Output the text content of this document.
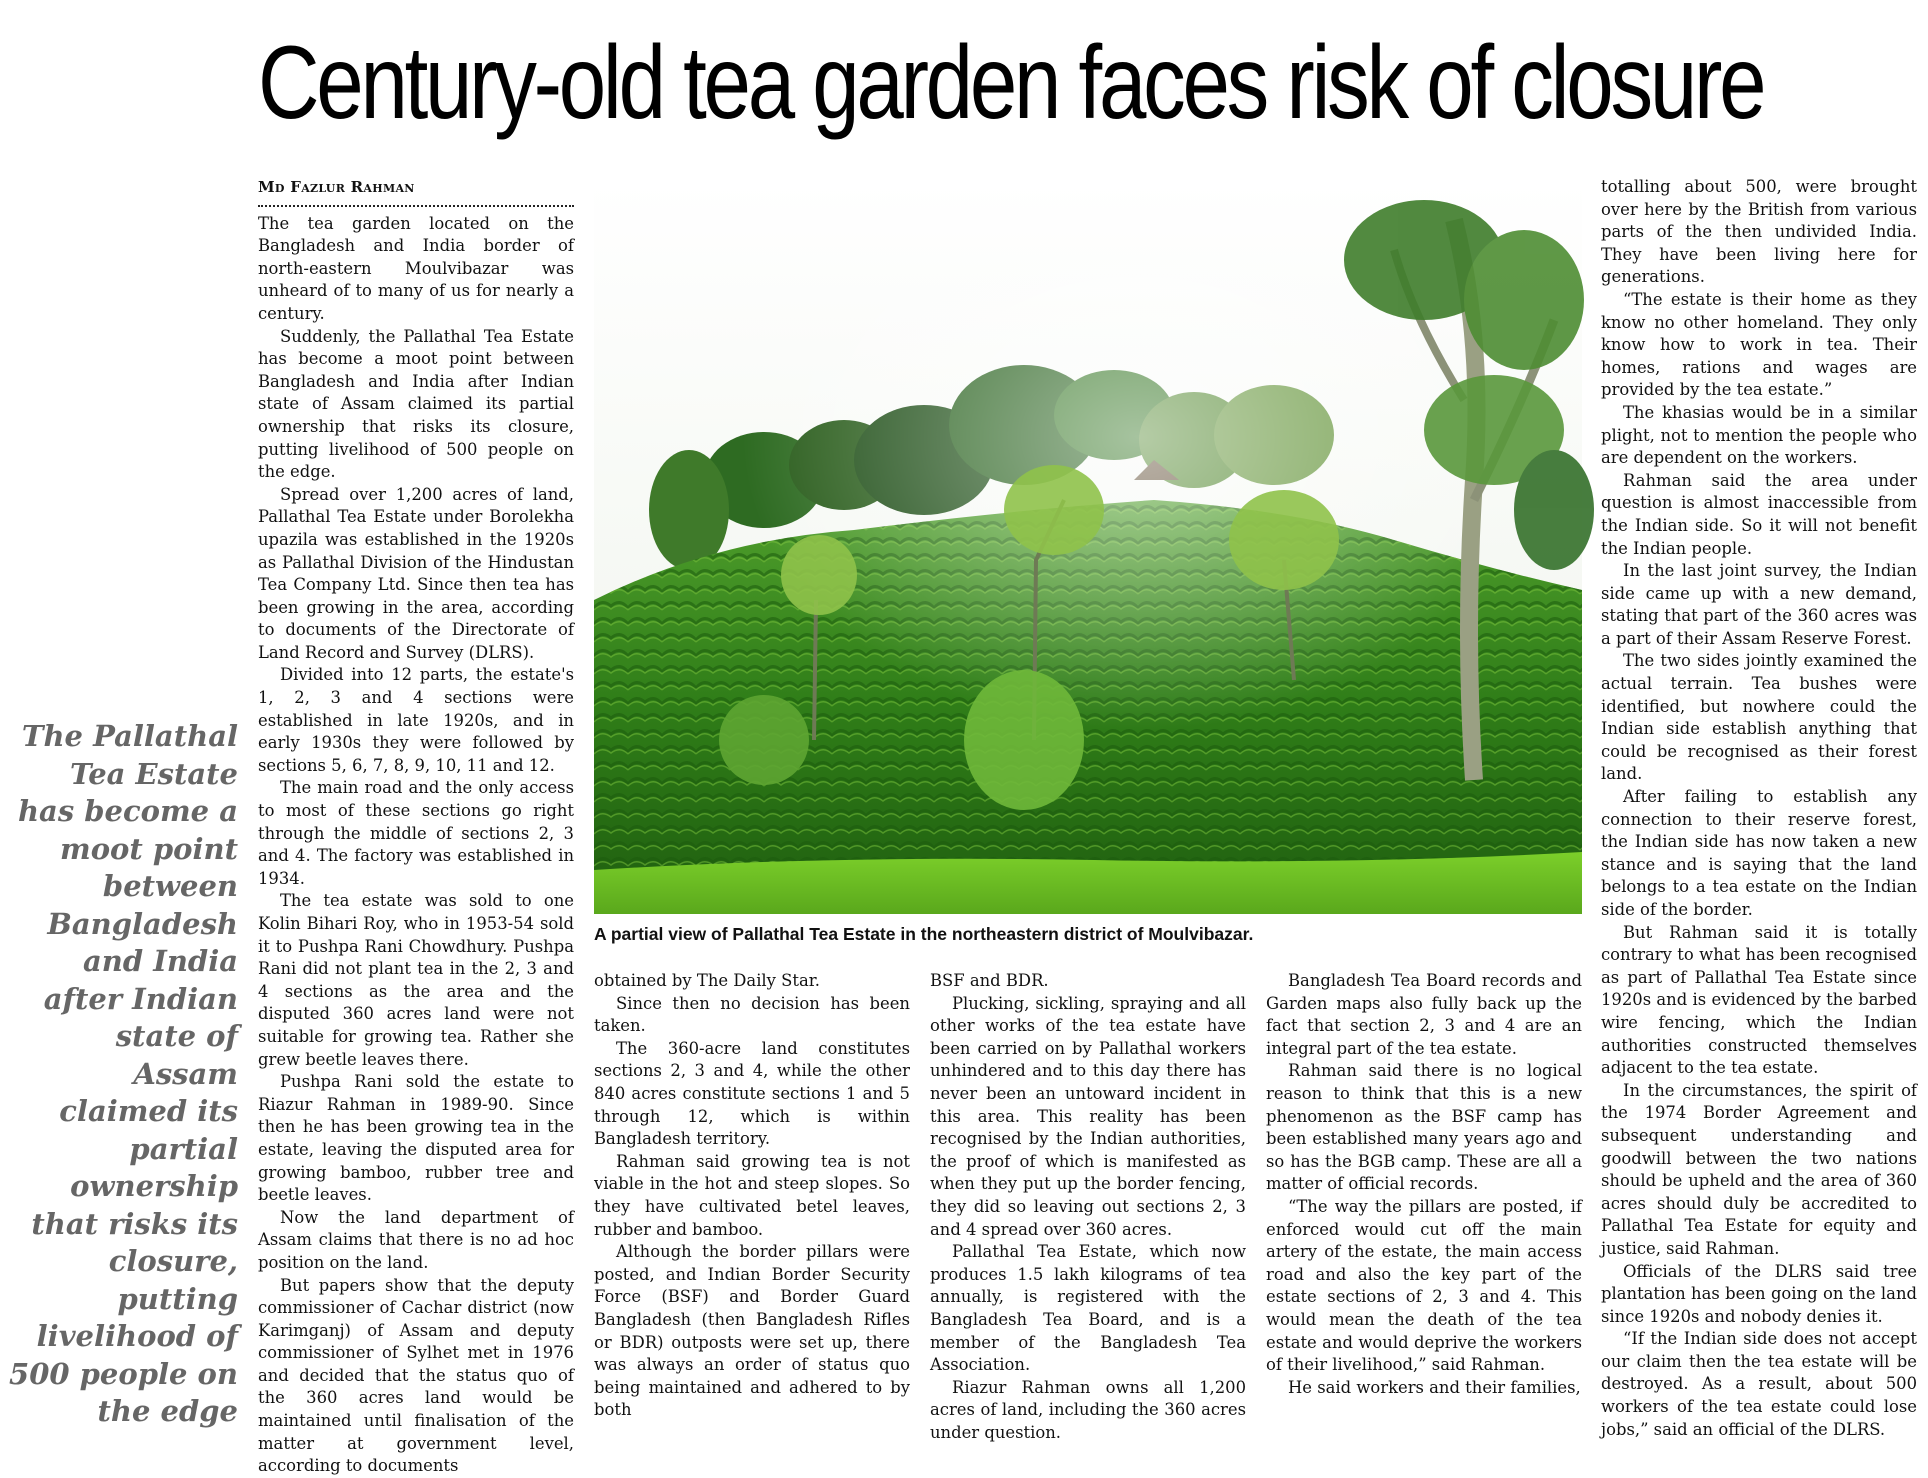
Century-old tea garden faces risk of closure

The Pallathal Tea Estate has become a moot point between Bangladesh and India after Indian state of Assam claimed its partial ownership that risks its closure, putting livelihood of 500 people on the edge

Md Fazlur Rahman

The tea garden located on the Bangladesh and India border of north-eastern Moulvibazar was unheard of to many of us for nearly a century.

Suddenly, the Pallathal Tea Estate has become a moot point between Bangladesh and India after Indian state of Assam claimed its partial ownership that risks its closure, putting livelihood of 500 people on the edge.

Spread over 1,200 acres of land, Pallathal Tea Estate under Borolekha upazila was established in the 1920s as Pallathal Division of the Hindustan Tea Company Ltd. Since then tea has been growing in the area, according to documents of the Directorate of Land Record and Survey (DLRS).

Divided into 12 parts, the estate's 1, 2, 3 and 4 sections were established in late 1920s, and in early 1930s they were followed by sections 5, 6, 7, 8, 9, 10, 11 and 12.

The main road and the only access to most of these sections go right through the middle of sections 2, 3 and 4. The factory was established in 1934.

The tea estate was sold to one Kolin Bihari Roy, who in 1953-54 sold it to Pushpa Rani Chowdhury. Pushpa Rani did not plant tea in the 2, 3 and 4 sections as the area and the disputed 360 acres land were not suitable for growing tea. Rather she grew beetle leaves there.

Pushpa Rani sold the estate to Riazur Rahman in 1989-90. Since then he has been growing tea in the estate, leaving the disputed area for growing bamboo, rubber tree and beetle leaves.

Now the land department of Assam claims that there is no ad hoc position on the land.

But papers show that the deputy commissioner of Cachar district (now Karimganj) of Assam and deputy commissioner of Sylhet met in 1976 and decided that the status quo of the 360 acres land would be maintained until finalisation of the matter at government level, according to documents

A partial view of Pallathal Tea Estate in the northeastern district of Moulvibazar.

obtained by The Daily Star.

Since then no decision has been taken.

The 360-acre land constitutes sections 2, 3 and 4, while the other 840 acres constitute sections 1 and 5 through 12, which is within Bangladesh territory.

Rahman said growing tea is not viable in the hot and steep slopes. So they have cultivated betel leaves, rubber and bamboo.

Although the border pillars were posted, and Indian Border Security Force (BSF) and Border Guard Bangladesh (then Bangladesh Rifles or BDR) outposts were set up, there was always an order of status quo being maintained and adhered to by both

BSF and BDR.

Plucking, sickling, spraying and all other works of the tea estate have been carried on by Pallathal workers unhindered and to this day there has never been an untoward incident in this area. This reality has been recognised by the Indian authorities, the proof of which is manifested as when they put up the border fencing, they did so leaving out sections 2, 3 and 4 spread over 360 acres.

Pallathal Tea Estate, which now produces 1.5 lakh kilograms of tea annually, is registered with the Bangladesh Tea Board, and is a member of the Bangladesh Tea Association.

Riazur Rahman owns all 1,200 acres of land, including the 360 acres under question.

Bangladesh Tea Board records and Garden maps also fully back up the fact that section 2, 3 and 4 are an integral part of the tea estate.

Rahman said there is no logical reason to think that this is a new phenomenon as the BSF camp has been established many years ago and so has the BGB camp. These are all a matter of official records.

“The way the pillars are posted, if enforced would cut off the main artery of the estate, the main access road and also the key part of the estate sections of 2, 3 and 4. This would mean the death of the tea estate and would deprive the workers of their livelihood,” said Rahman.

He said workers and their families,

totalling about 500, were brought over here by the British from various parts of the then undivided India. They have been living here for generations.

“The estate is their home as they know no other homeland. They only know how to work in tea. Their homes, rations and wages are provided by the tea estate.”

The khasias would be in a similar plight, not to mention the people who are dependent on the workers.

Rahman said the area under question is almost inaccessible from the Indian side. So it will not benefit the Indian people.

In the last joint survey, the Indian side came up with a new demand, stating that part of the 360 acres was a part of their Assam Reserve Forest.

The two sides jointly examined the actual terrain. Tea bushes were identified, but nowhere could the Indian side establish anything that could be recognised as their forest land.

After failing to establish any connection to their reserve forest, the Indian side has now taken a new stance and is saying that the land belongs to a tea estate on the Indian side of the border.

But Rahman said it is totally contrary to what has been recognised as part of Pallathal Tea Estate since 1920s and is evidenced by the barbed wire fencing, which the Indian authorities constructed themselves adjacent to the tea estate.

In the circumstances, the spirit of the 1974 Border Agreement and subsequent understanding and goodwill between the two nations should be upheld and the area of 360 acres should duly be accredited to Pallathal Tea Estate for equity and justice, said Rahman.

Officials of the DLRS said tree plantation has been going on the land since 1920s and nobody denies it.

“If the Indian side does not accept our claim then the tea estate will be destroyed. As a result, about 500 workers of the tea estate could lose jobs,” said an official of the DLRS.
